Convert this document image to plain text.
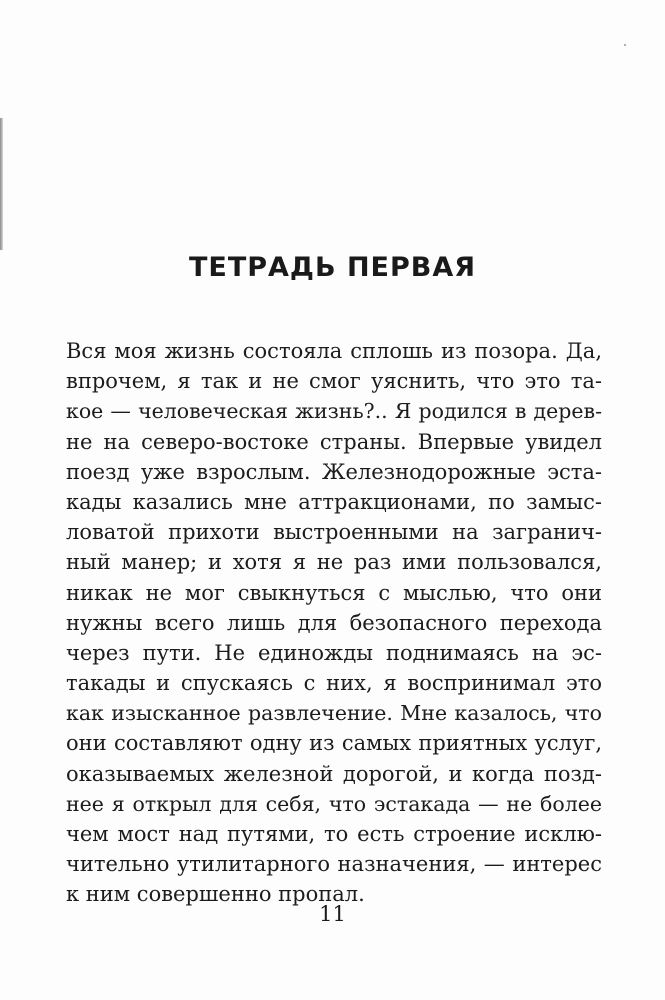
ТЕТРАДЬ ПЕРВАЯ
Вся моя жизнь состояла сплошь из позора. Да,
впрочем, я так и не смог уяснить, что это та-
кое — человеческая жизнь?.. Я родился в дерев-
не на северо-востоке страны. Впервые увидел
поезд уже взрослым. Железнодорожные эста-
кады казались мне аттракционами, по замыс-
ловатой прихоти выстроенными на загранич-
ный манер; и хотя я не раз ими пользовался,
никак не мог свыкнуться с мыслью, что они
нужны всего лишь для безопасного перехода
через пути. Не единожды поднимаясь на эс-
такады и спускаясь с них, я воспринимал это
как изысканное развлечение. Мне казалось, что
они составляют одну из самых приятных услуг,
оказываемых железной дорогой, и когда позд-
нее я открыл для себя, что эстакада — не более
чем мост над путями, то есть строение исклю-
чительно утилитарного назначения, — интерес
к ним совершенно пропал.
11
